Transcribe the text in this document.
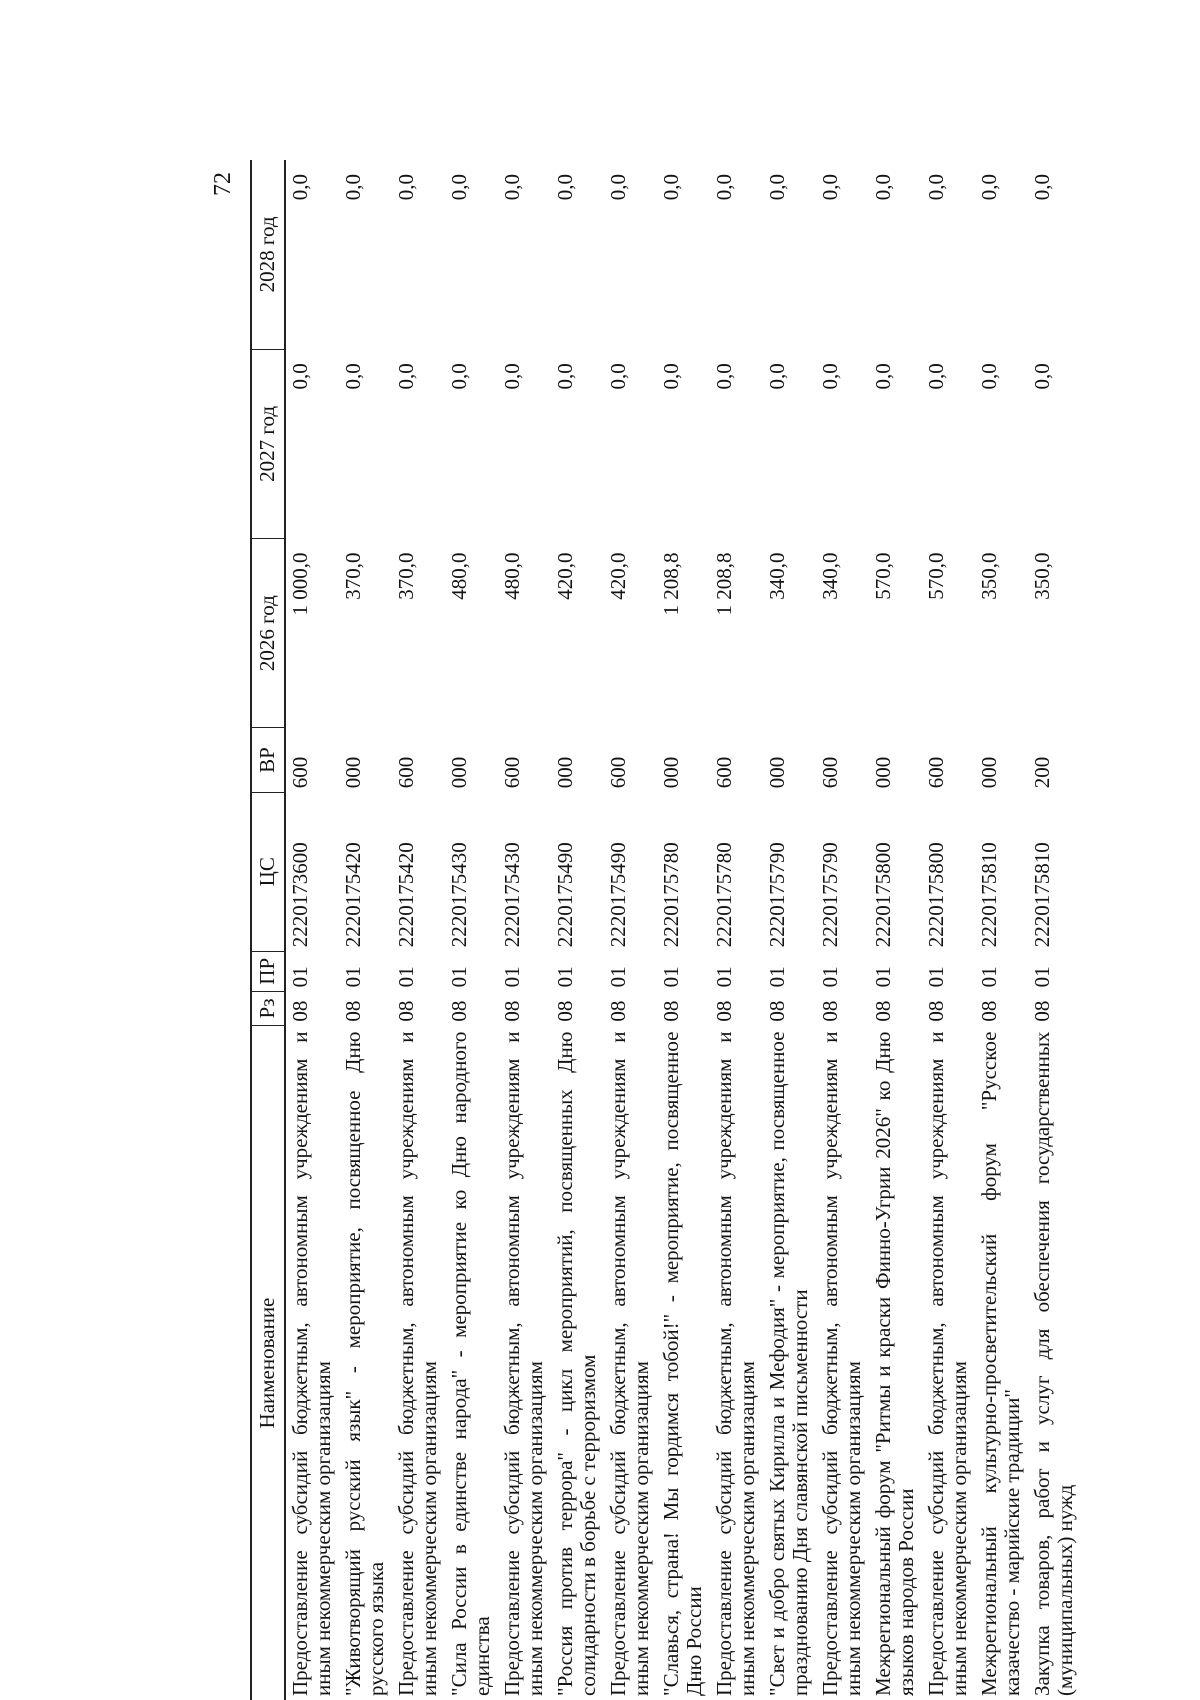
72
Наименование	Рз	ПР	ЦС	ВР	2026 год	2027 год	2028 год
Предоставление субсидий бюджетным, автономным учреждениям и иным некоммерческим организациям	08	01	2220173600	600	1 000,0	0,0	0,0
"Животворящий русский язык" - мероприятие, посвященное Дню русского языка	08	01	2220175420	000	370,0	0,0	0,0
Предоставление субсидий бюджетным, автономным учреждениям и иным некоммерческим организациям	08	01	2220175420	600	370,0	0,0	0,0
"Сила России в единстве народа" - мероприятие ко Дню народного единства	08	01	2220175430	000	480,0	0,0	0,0
Предоставление субсидий бюджетным, автономным учреждениям и иным некоммерческим организациям	08	01	2220175430	600	480,0	0,0	0,0
"Россия против террора" - цикл мероприятий, посвященных Дню солидарности в борьбе с терроризмом	08	01	2220175490	000	420,0	0,0	0,0
Предоставление субсидий бюджетным, автономным учреждениям и иным некоммерческим организациям	08	01	2220175490	600	420,0	0,0	0,0
"Славься, страна! Мы гордимся тобой!" - мероприятие, посвященное Дню России	08	01	2220175780	000	1 208,8	0,0	0,0
Предоставление субсидий бюджетным, автономным учреждениям и иным некоммерческим организациям	08	01	2220175780	600	1 208,8	0,0	0,0
"Свет и добро святых Кирилла и Мефодия" - мероприятие, посвященное празднованию Дня славянской письменности	08	01	2220175790	000	340,0	0,0	0,0
Предоставление субсидий бюджетным, автономным учреждениям и иным некоммерческим организациям	08	01	2220175790	600	340,0	0,0	0,0
Межрегиональный форум "Ритмы и краски Финно-Угрии 2026" ко Дню языков народов России	08	01	2220175800	000	570,0	0,0	0,0
Предоставление субсидий бюджетным, автономным учреждениям и иным некоммерческим организациям	08	01	2220175800	600	570,0	0,0	0,0
Межрегиональный культурно-просветительский форум "Русское казачество - марийские традиции"	08	01	2220175810	000	350,0	0,0	0,0
Закупка товаров, работ и услуг для обеспечения государственных (муниципальных) нужд	08	01	2220175810	200	350,0	0,0	0,0
